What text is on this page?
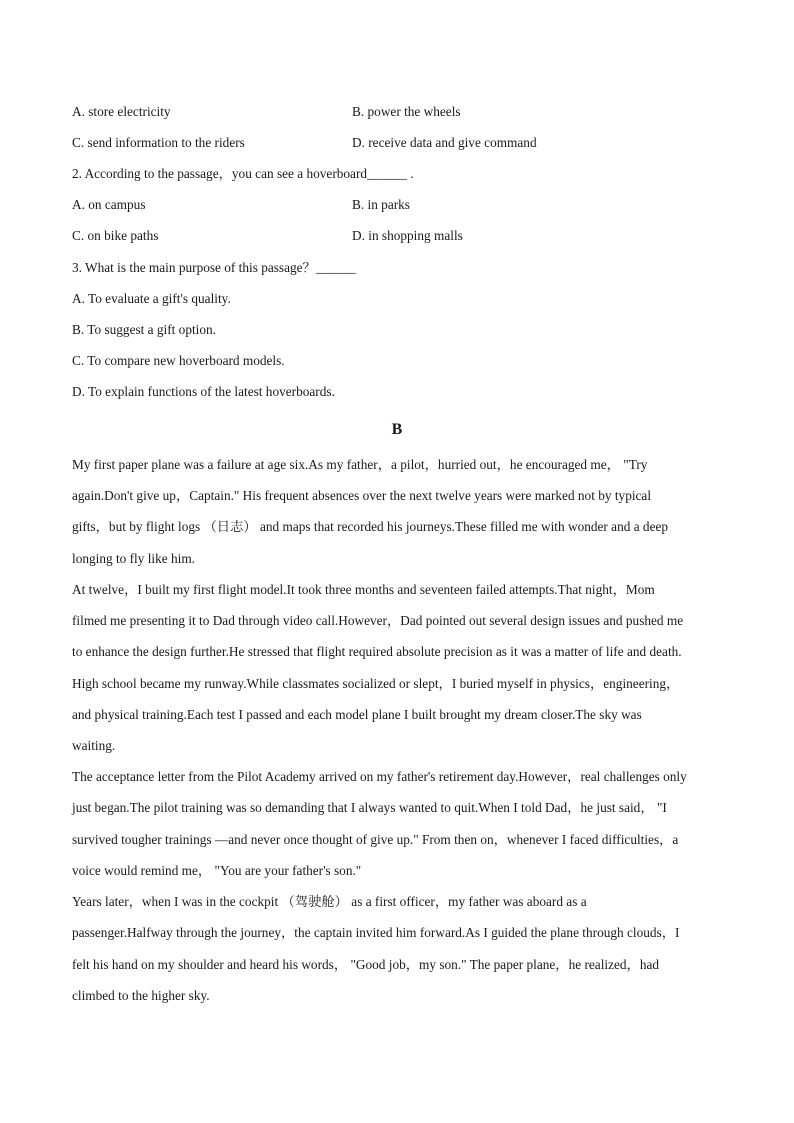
A. store electricity	B. power the wheels
C. send information to the riders	D. receive data and give command
2. According to the passage，you can see a hoverboard______ .
A. on campus	B. in parks
C. on bike paths	D. in shopping malls
3. What is the main purpose of this passage？______
A. To evaluate a gift's quality.
B. To suggest a gift option.
C. To compare new hoverboard models.
D. To explain functions of the latest hoverboards.
B
My first paper plane was a failure at age six.As my father，a pilot，hurried out，he encouraged me， "Try
again.Don't give up，Captain." His frequent absences over the next twelve years were marked not by typical
gifts，but by flight logs （日志） and maps that recorded his journeys.These filled me with wonder and a deep
longing to fly like him.
At twelve，I built my first flight model.It took three months and seventeen failed attempts.That night，Mom
filmed me presenting it to Dad through video call.However，Dad pointed out several design issues and pushed me
to enhance the design further.He stressed that flight required absolute precision as it was a matter of life and death.
High school became my runway.While classmates socialized or slept，I buried myself in physics，engineering，
and physical training.Each test I passed and each model plane I built brought my dream closer.The sky was
waiting.
The acceptance letter from the Pilot Academy arrived on my father's retirement day.However，real challenges only
just began.The pilot training was so demanding that I always wanted to quit.When I told Dad，he just said， "I
survived tougher trainings —and never once thought of give up." From then on，whenever I faced difficulties，a
voice would remind me， "You are your father's son."
Years later，when I was in the cockpit （驾驶舱） as a first officer，my father was aboard as a
passenger.Halfway through the journey，the captain invited him forward.As I guided the plane through clouds，I
felt his hand on my shoulder and heard his words， "Good job，my son." The paper plane，he realized，had
climbed to the higher sky.
